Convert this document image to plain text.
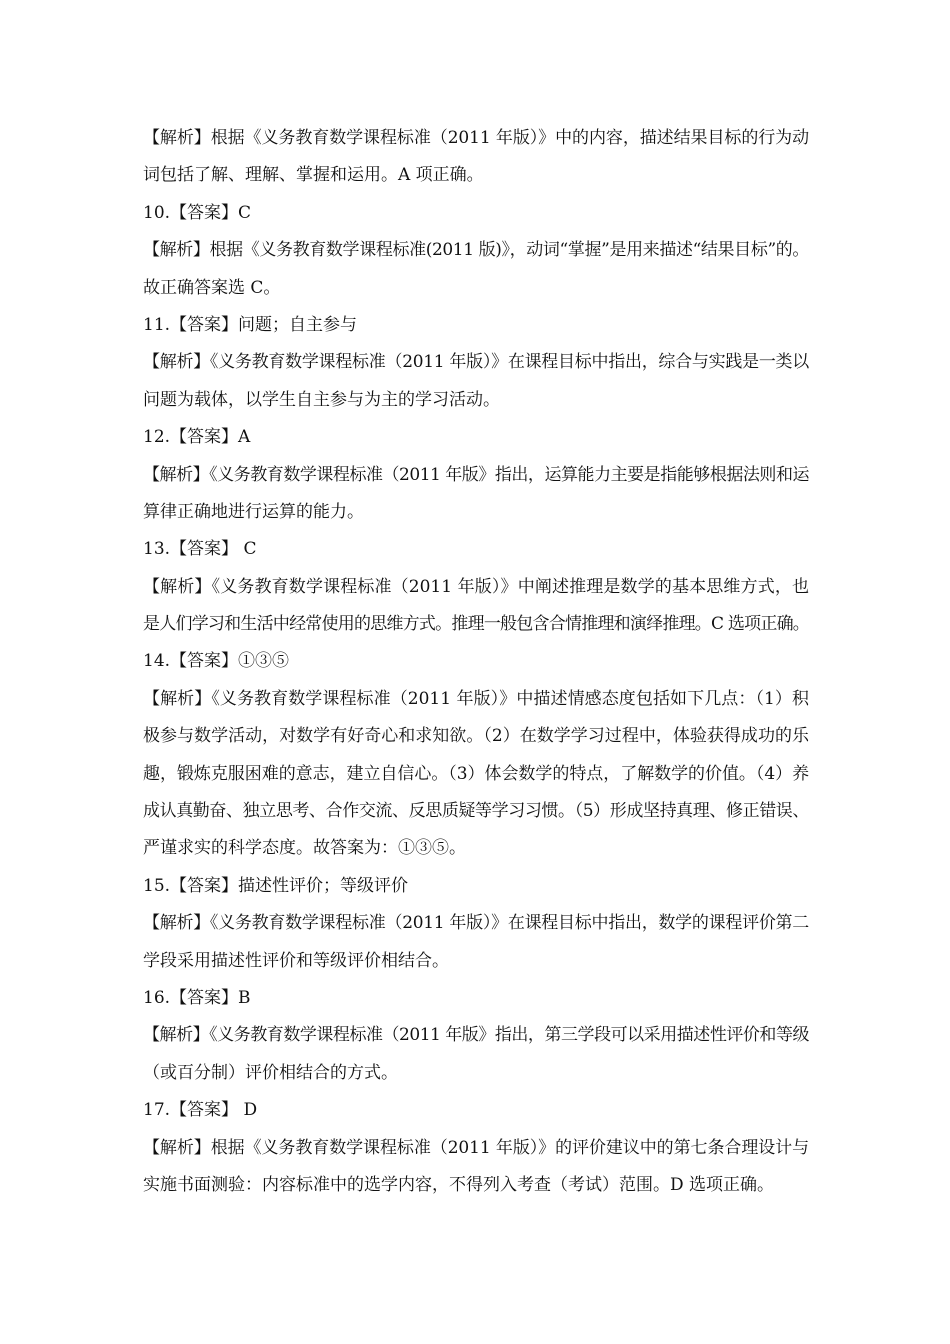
【解析】根据《义务教育数学课程标准（2011 年版）》中的内容，描述结果目标的行为动
词包括了解、理解、掌握和运用。A 项正确。
10.【答案】C
【解析】根据《义务教育数学课程标准(2011 版)》，动词“掌握”是用来描述“结果目标”的。
故正确答案选 C。
11.【答案】问题；自主参与
【解析】《义务教育数学课程标准（2011 年版）》在课程目标中指出，综合与实践是一类以
问题为载体，以学生自主参与为主的学习活动。
12.【答案】A
【解析】《义务教育数学课程标准（2011 年版》指出，运算能力主要是指能够根据法则和运
算律正确地进行运算的能力。
13.【答案】 C
【解析】《义务教育数学课程标准（2011 年版）》中阐述推理是数学的基本思维方式，也
是人们学习和生活中经常使用的思维方式。推理一般包含合情推理和演绎推理。C 选项正确。
14.【答案】①③⑤
【解析】《义务教育数学课程标准（2011 年版）》中描述情感态度包括如下几点：（1）积
极参与数学活动，对数学有好奇心和求知欲。（2）在数学学习过程中，体验获得成功的乐
趣，锻炼克服困难的意志，建立自信心。（3）体会数学的特点，了解数学的价值。（4）养
成认真勤奋、独立思考、合作交流、反思质疑等学习习惯。（5）形成坚持真理、修正错误、
严谨求实的科学态度。故答案为：①③⑤。
15.【答案】描述性评价；等级评价
【解析】《义务教育数学课程标准（2011 年版）》在课程目标中指出，数学的课程评价第二
学段采用描述性评价和等级评价相结合。
16.【答案】B
【解析】《义务教育数学课程标准（2011 年版》指出，第三学段可以采用描述性评价和等级
（或百分制）评价相结合的方式。
17.【答案】 D
【解析】根据《义务教育数学课程标准（2011 年版）》的评价建议中的第七条合理设计与
实施书面测验：内容标准中的选学内容，不得列入考查（考试）范围。D 选项正确。
